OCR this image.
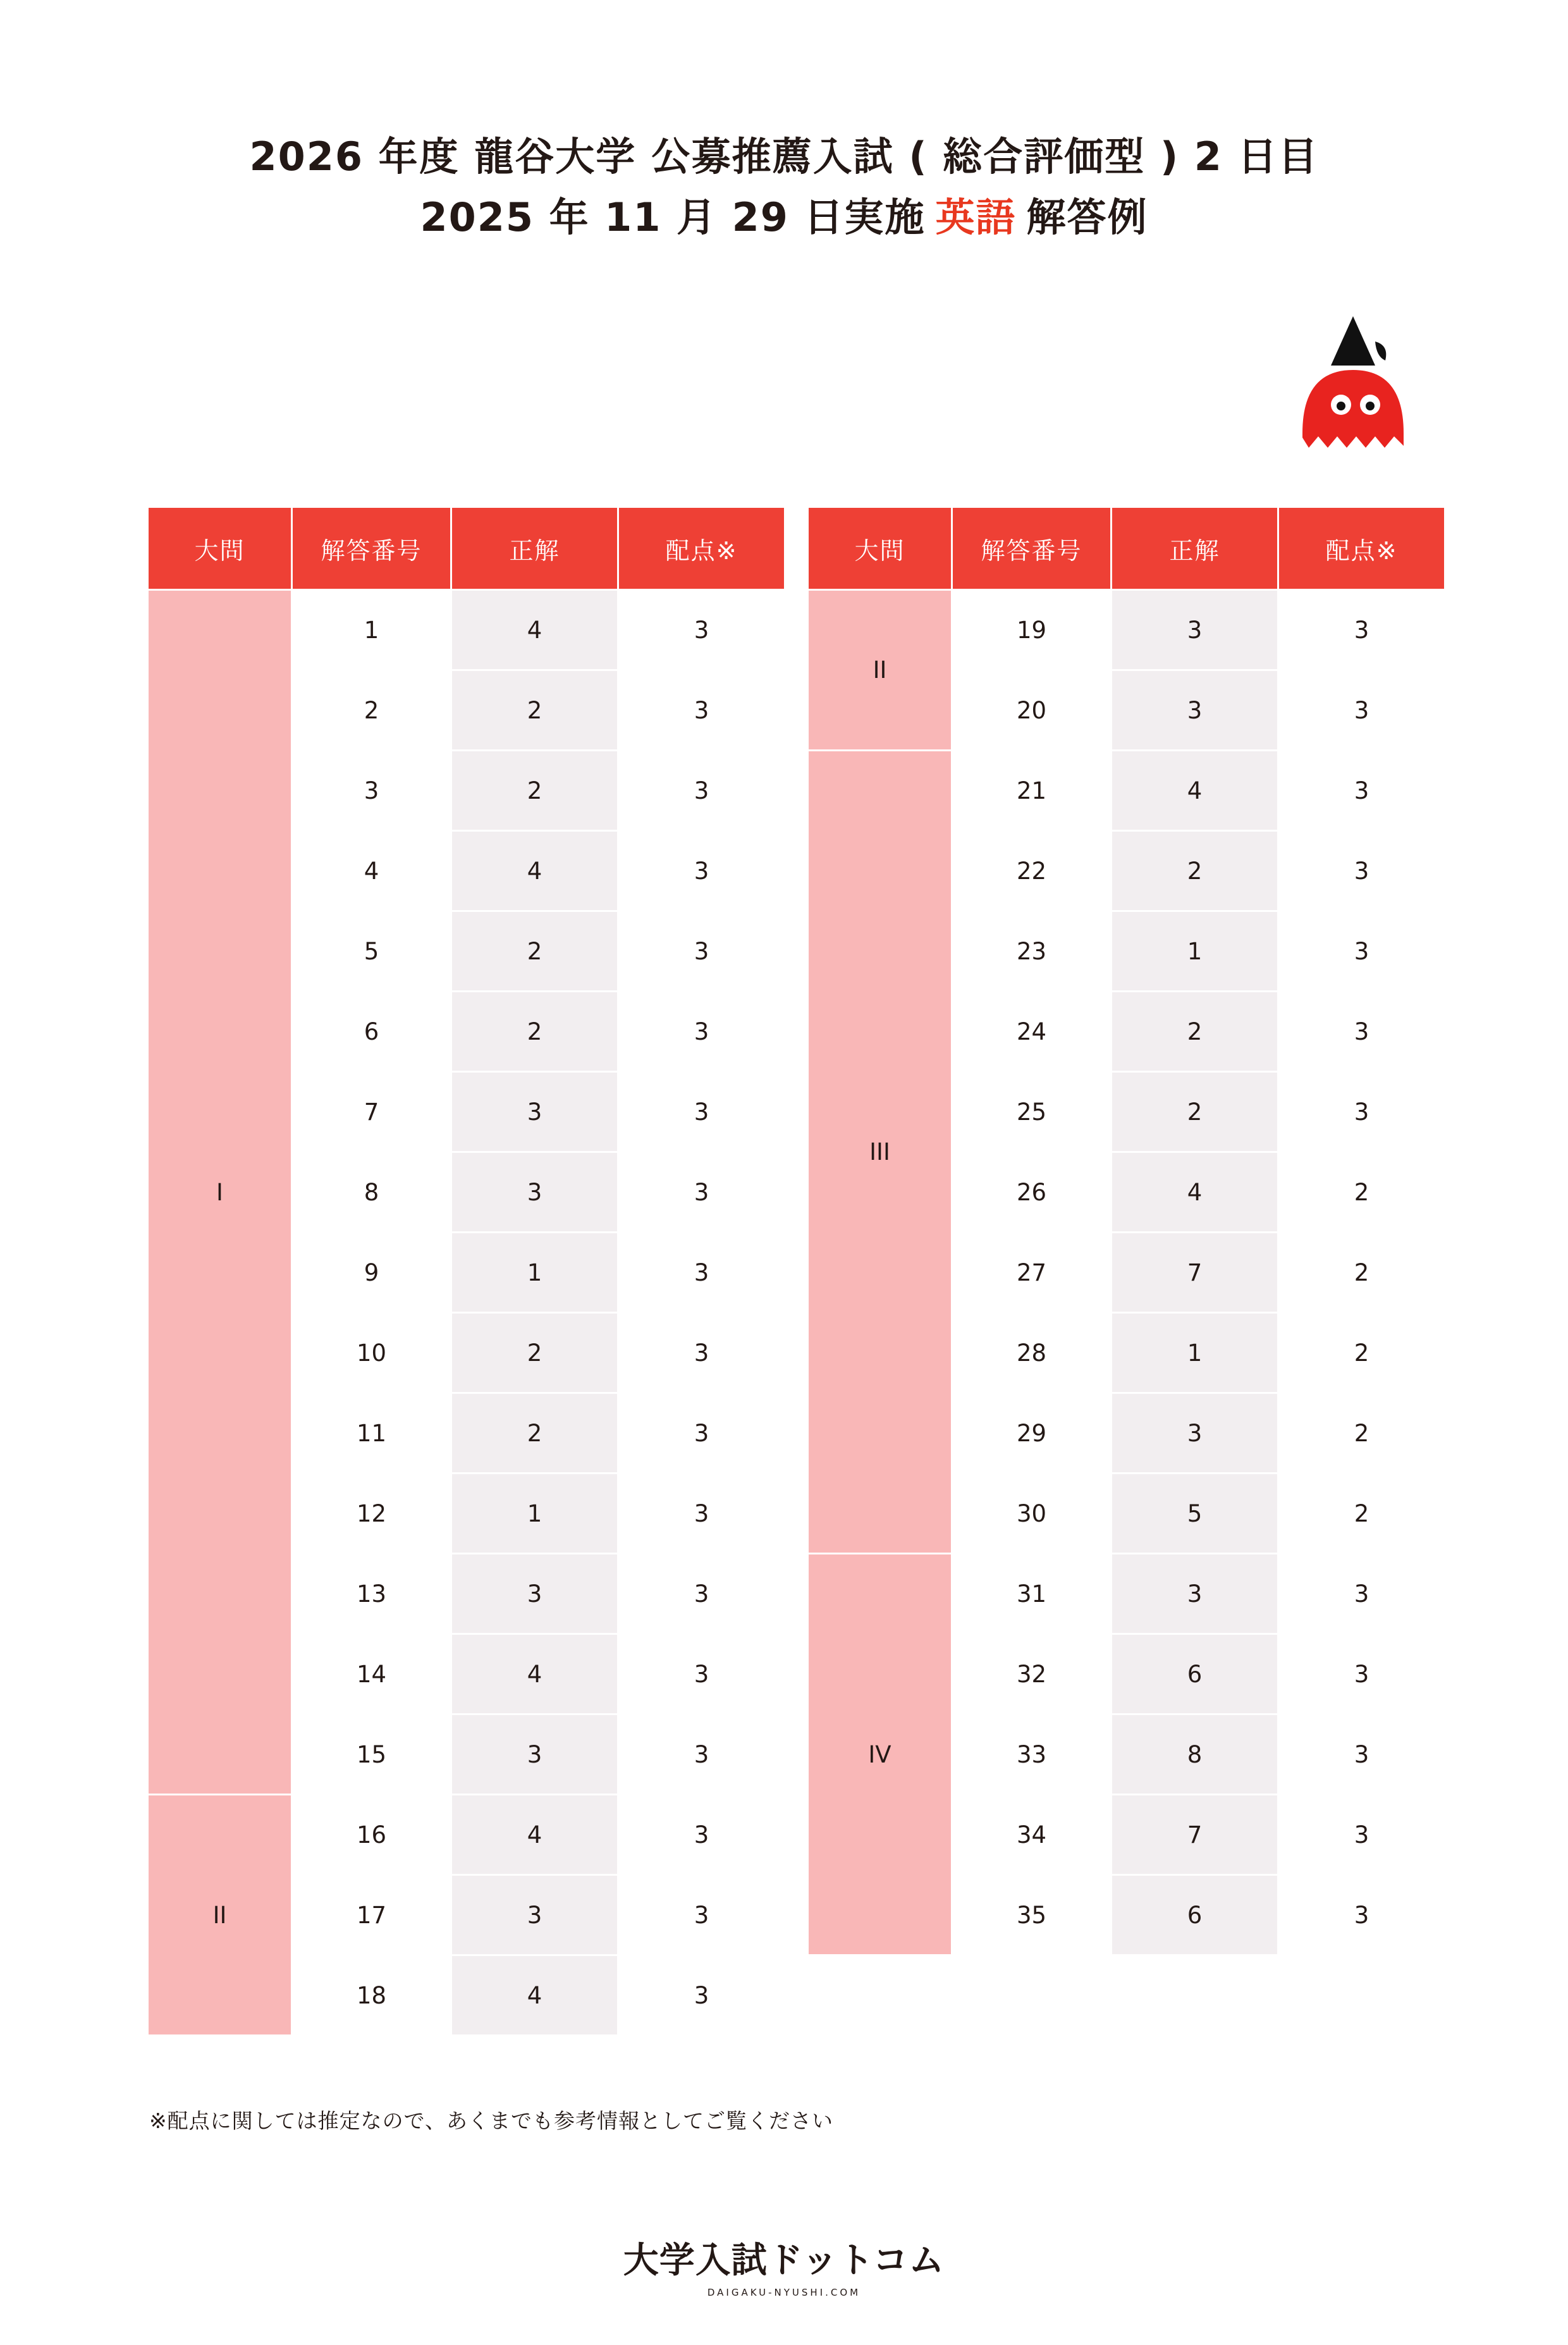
2026 年度 龍谷大学 公募推薦入試 ( 総合評価型 ) 2 日目
2025 年 11 月 29 日実施 英語 解答例
大問	解答番号	正解	配点※		大問	解答番号	正解	配点※
I	1	4	3		II	19	3	3
	2	2	3			20	3	3
	3	2	3		III	21	4	3
	4	4	3			22	2	3
	5	2	3			23	1	3
	6	2	3			24	2	3
	7	3	3			25	2	3
	8	3	3			26	4	2
	9	1	3			27	7	2
	10	2	3			28	1	2
	11	2	3			29	3	2
	12	1	3			30	5	2
	13	3	3		IV	31	3	3
	14	4	3			32	6	3
	15	3	3			33	8	3
II	16	4	3			34	7	3
	17	3	3			35	6	3
	18	4	3					
※配点に関しては推定なので、あくまでも参考情報としてご覧ください
大学入試ドットコム
DAIGAKU-NYUSHI.COM
